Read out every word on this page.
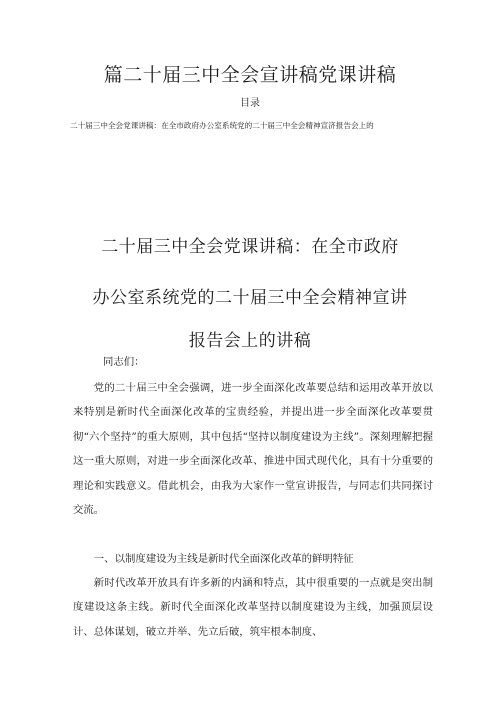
篇二十届三中全会宣讲稿党课讲稿
目录
二十届三中全会党课讲稿：在全市政府办公室系统党的二十届三中全会精神宣济报告会上的
二十届三中全会党课讲稿：在全市政府
办公室系统党的二十届三中全会精神宣讲
报告会上的讲稿
同志们：
党的二十届三中全会强调，进一步全面深化改革要总结和运用改革开放以来特别是新时代全面深化改革的宝贵经验，并提出进一步全面深化改革要贯彻“六个坚持”的重大原则，其中包括“坚持以制度建设为主线”。深刻理解把握这一重大原则，对进一步全面深化改革、推进中国式现代化，具有十分重要的理论和实践意义。借此机会，由我为大家作一堂宣讲报告，与同志们共同探讨交流。
一、以制度建设为主线是新时代全面深化改革的鲜明特征
新时代改革开放具有许多新的内涵和特点，其中很重要的一点就是突出制度建设这条主线。新时代全面深化改革坚持以制度建设为主线，加强顶层设计、总体谋划，破立并举、先立后破，筑牢根本制度、
